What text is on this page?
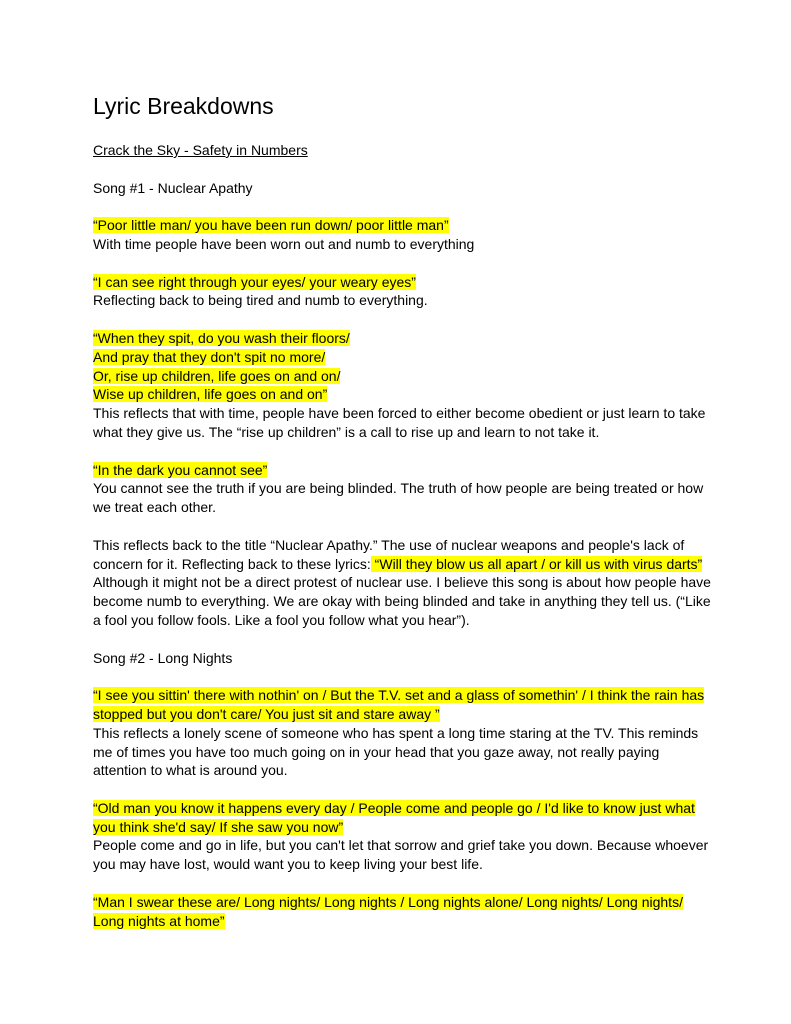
Lyric Breakdowns

Crack the Sky - Safety in Numbers

Song #1 - Nuclear Apathy

“Poor little man/ you have been run down/ poor little man”

With time people have been worn out and numb to everything

“I can see right through your eyes/ your weary eyes”

Reflecting back to being tired and numb to everything.

“When they spit, do you wash their floors/

And pray that they don't spit no more/

Or, rise up children, life goes on and on/

Wise up children, life goes on and on”

This reflects that with time, people have been forced to either become obedient or just learn to take what they give us. The “rise up children” is a call to rise up and learn to not take it.

“In the dark you cannot see”

You cannot see the truth if you are being blinded. The truth of how people are being treated or how we treat each other.

This reflects back to the title “Nuclear Apathy.” The use of nuclear weapons and people's lack of concern for it. Reflecting back to these lyrics: “Will they blow us all apart / or kill us with virus darts” Although it might not be a direct protest of nuclear use. I believe this song is about how people have become numb to everything. We are okay with being blinded and take in anything they tell us. (“Like a fool you follow fools. Like a fool you follow what you hear”).

Song #2 - Long Nights

“I see you sittin' there with nothin' on / But the T.V. set and a glass of somethin' / I think the rain has stopped but you don't care/ You just sit and stare away ”

This reflects a lonely scene of someone who has spent a long time staring at the TV. This reminds me of times you have too much going on in your head that you gaze away, not really paying attention to what is around you.

“Old man you know it happens every day / People come and people go / I'd like to know just what you think she'd say/ If she saw you now”

People come and go in life, but you can't let that sorrow and grief take you down. Because whoever you may have lost, would want you to keep living your best life.

“Man I swear these are/ Long nights/ Long nights / Long nights alone/ Long nights/ Long nights/ Long nights at home”
